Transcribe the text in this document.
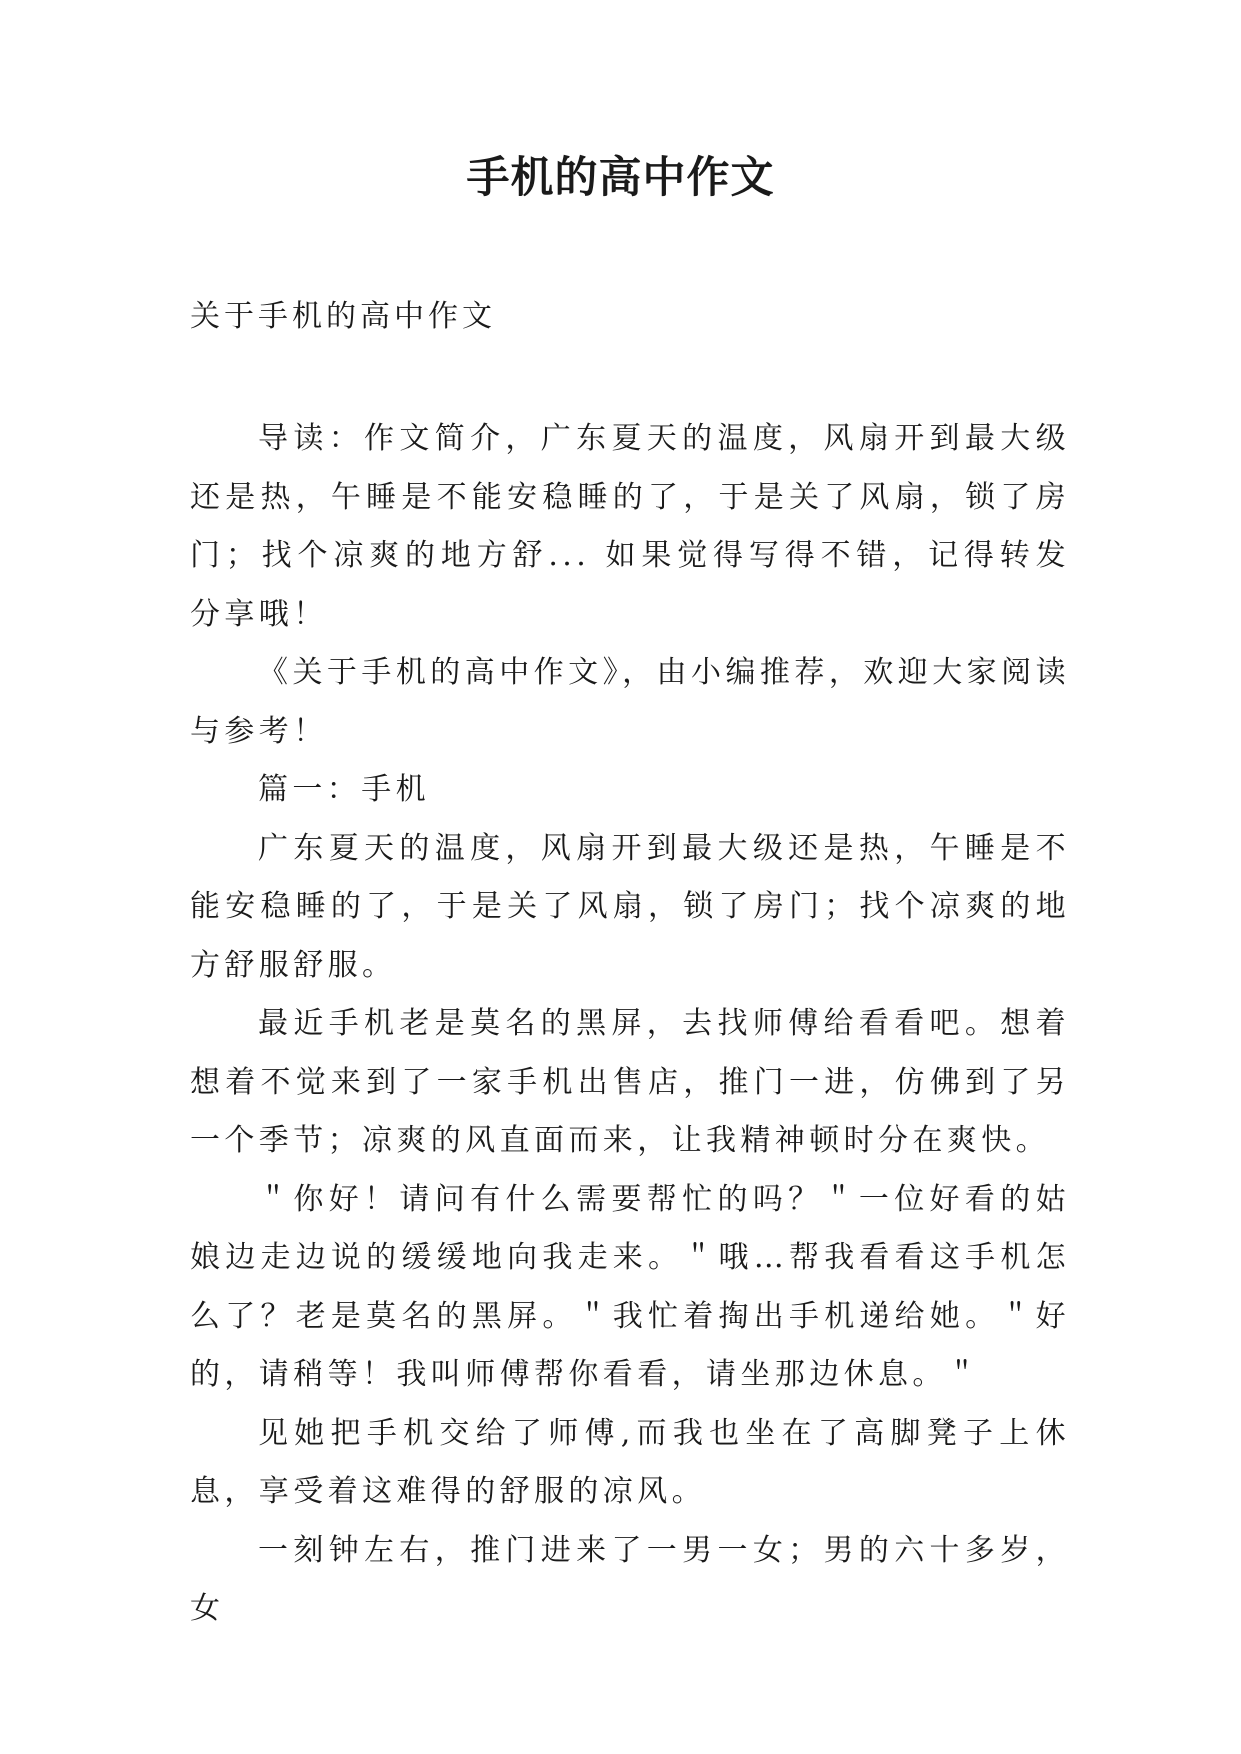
手机的高中作文
关于手机的高中作文

导读：作文简介，广东夏天的温度，风扇开到最大级还是热，午睡是不能安稳睡的了，于是关了风扇，锁了房门；找个凉爽的地方舒... 如果觉得写得不错，记得转发分享哦！

《关于手机的高中作文》，由小编推荐，欢迎大家阅读与参考！

篇一：手机

广东夏天的温度，风扇开到最大级还是热，午睡是不能安稳睡的了，于是关了风扇，锁了房门；找个凉爽的地方舒服舒服。

最近手机老是莫名的黑屏，去找师傅给看看吧。想着想着不觉来到了一家手机出售店，推门一进，仿佛到了另一个季节；凉爽的风直面而来，让我精神顿时分在爽快。

＂你好！请问有什么需要帮忙的吗？＂一位好看的姑娘边走边说的缓缓地向我走来。＂哦…帮我看看这手机怎么了？老是莫名的黑屏。＂我忙着掏出手机递给她。＂好的，请稍等！我叫师傅帮你看看，请坐那边休息。＂

见她把手机交给了师傅,而我也坐在了高脚凳子上休息，享受着这难得的舒服的凉风。

一刻钟左右，推门进来了一男一女；男的六十多岁，女
